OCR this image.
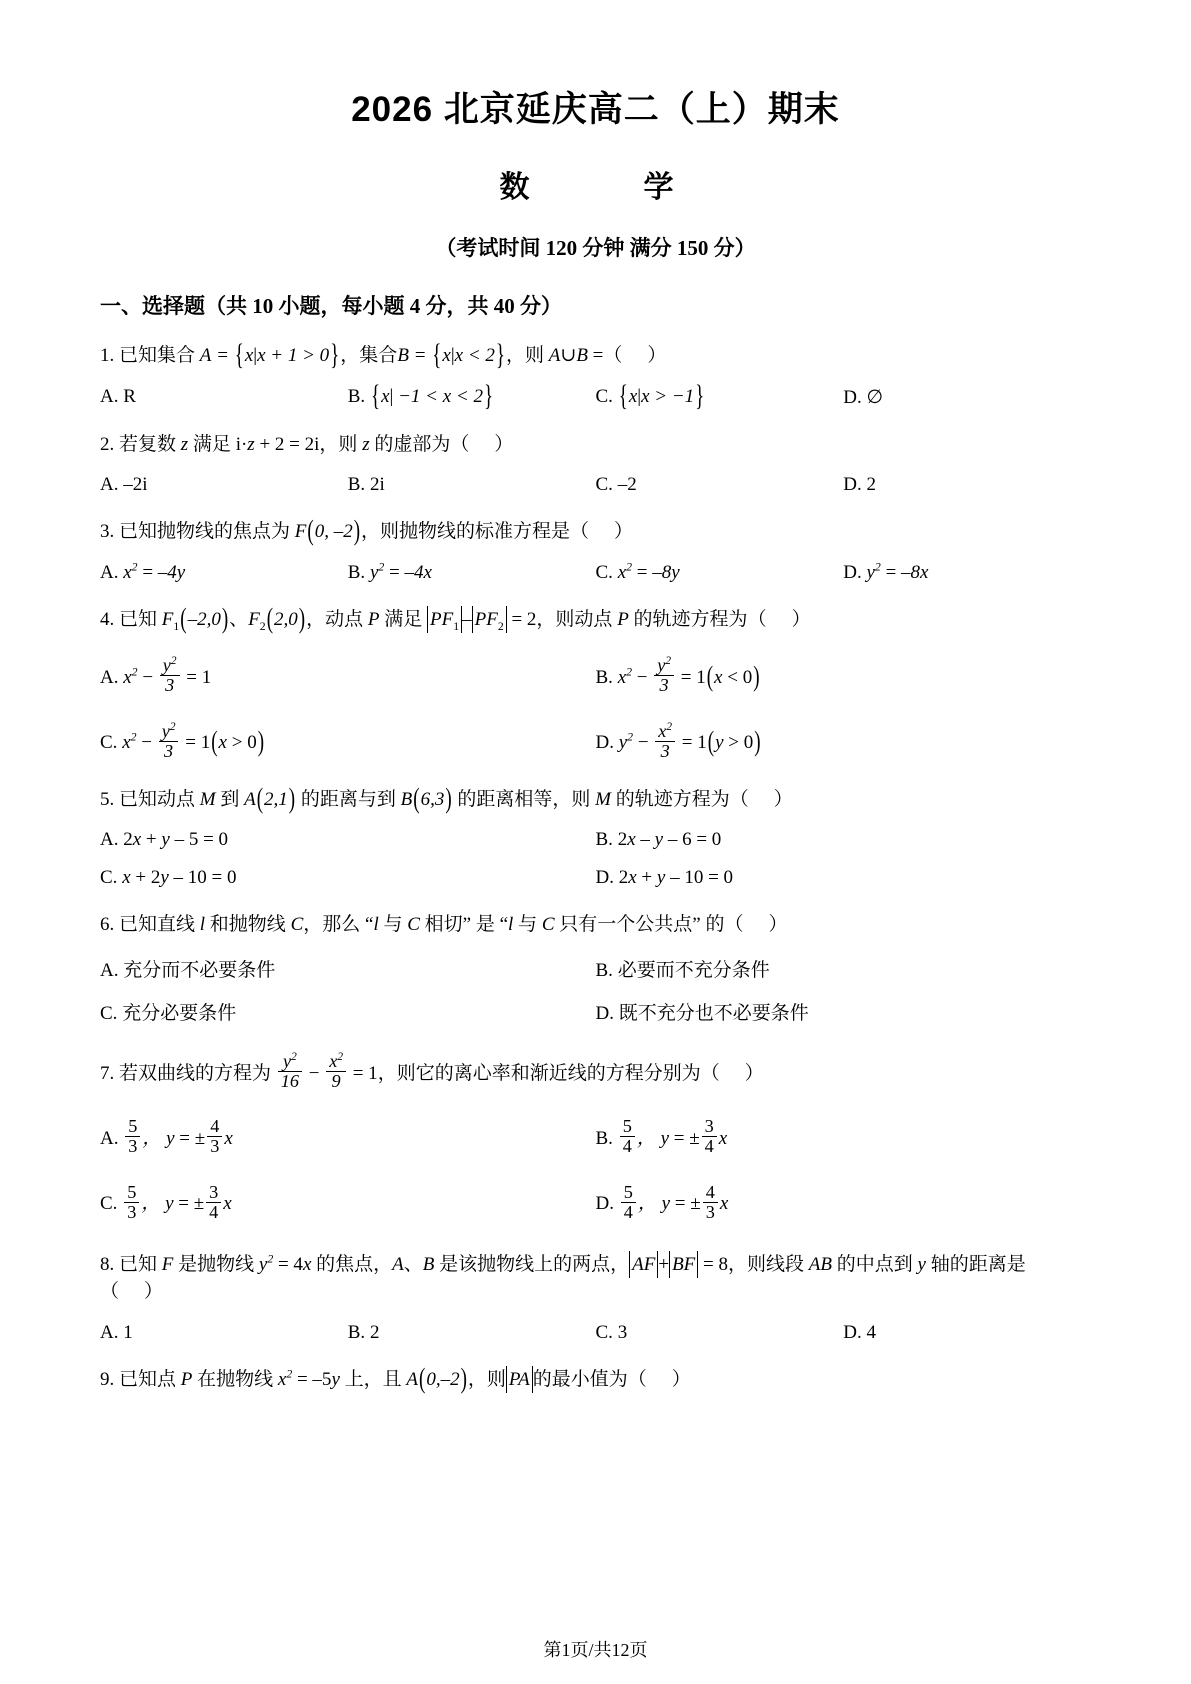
2026 北京延庆高二（上）期末
数　　学
（考试时间 120 分钟 满分 150 分）
一、选择题（共 10 小题，每小题 4 分，共 40 分）
1. 已知集合 A = {x|x + 1 > 0}，集合B = {x|x < 2}，则 A∪B =（　）
A. R	B. {x| −1 < x < 2}	C. {x|x > −1}	D. ∅
2. 若复数 z 满足 i·z + 2 = 2i，则 z 的虚部为（　）
A. –2i	B. 2i	C. –2	D. 2
3. 已知抛物线的焦点为 F(0, –2)，则抛物线的标准方程是（　）
A. $x^2 = -4y$	B. $y^2 = -4x$	C. $x^2 = -8y$	D. $y^2 = -8x$
4. 已知 $F_1(-2,0)$、$F_2(2,0)$，动点 P 满足 $PF_1 - PF_2 = 2$，则动点 P 的轨迹方程为（　）
A. $x^2 - \frac{y^2}{3} = 1$	B. $x^2 - \frac{y^2}{3} = 1(x < 0)$
C. $x^2 - \frac{y^2}{3} = 1(x > 0)$	D. $y^2 - \frac{x^2}{3} = 1(y > 0)$
5. 已知动点 M 到 A(2,1) 的距离与到 B(6,3) 的距离相等，则 M 的轨迹方程为（　）
A. 2x + y – 5 = 0	B. 2x – y – 6 = 0
C. x + 2y – 10 = 0	D. 2x + y – 10 = 0
6. 已知直线 l 和抛物线 C，那么 “l 与 C 相切” 是 “l 与 C 只有一个公共点” 的（　）
A. 充分而不必要条件	B. 必要而不充分条件
C. 充分必要条件	D. 既不充分也不必要条件
7. 若双曲线的方程为 $\frac{y^2}{16} - \frac{x^2}{9} = 1$，则它的离心率和渐近线的方程分别为（　）
A. $\frac{5}{3}$ ， y = ± $\frac{4}{3}$ x	B. $\frac{5}{4}$ ， y = ± $\frac{3}{4}$ x
C. $\frac{5}{3}$ ， y = ± $\frac{3}{4}$ x	D. $\frac{5}{4}$ ， y = ± $\frac{4}{3}$ x
8. 已知 F 是抛物线 $y^2 = 4x$ 的焦点，A、B 是该抛物线上的两点， AF + BF = 8，则线段 AB 的中点到 y 轴的距离是（　）
A. 1	B. 2	C. 3	D. 4
9. 已知点 P 在抛物线 $x^2 = -5y$ 上，且 A(0,–2)，则 PA 的最小值为（　）
第1页/共12页
